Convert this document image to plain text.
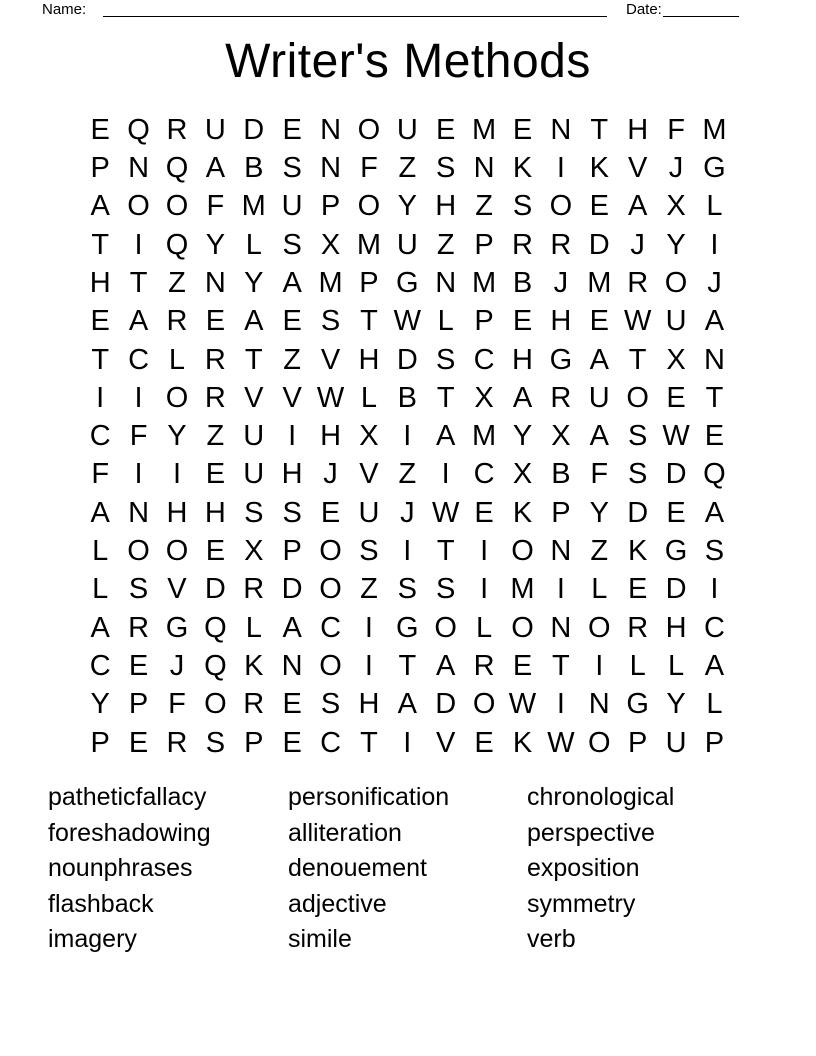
Name:	Date:
Writer's Methods
E Q R U D E N O U E M E N T H F M
P N Q A B S N F Z S N K I K V J G
A O O F M U P O Y H Z S O E A X L
T I Q Y L S X M U Z P R R D J Y I
H T Z N Y A M P G N M B J M R O J
E A R E A E S T W L P E H E W U A
T C L R T Z V H D S C H G A T X N
I	I O R V V W L B T X A R U O E T
C F Y Z U I H X I A M Y X A S W E
F I	I E U H J V Z I C X B F S D Q
A N H H S S E U J W E K P Y D E A
L O O E X P O S I T I O N Z K G S
L S V D R D O Z S S I M I L E D I
A R G Q L A C I G O L O N O R H C
C E J Q K N O I T A R E T I L L A
Y P F O R E S H A D O W I N G Y L
P E R S P E C T I V E K W O P U P
patheticfallacy
foreshadowing
nounphrases
flashback
imagery
personification
alliteration
denouement
adjective
simile
chronological
perspective
exposition
symmetry
verb
